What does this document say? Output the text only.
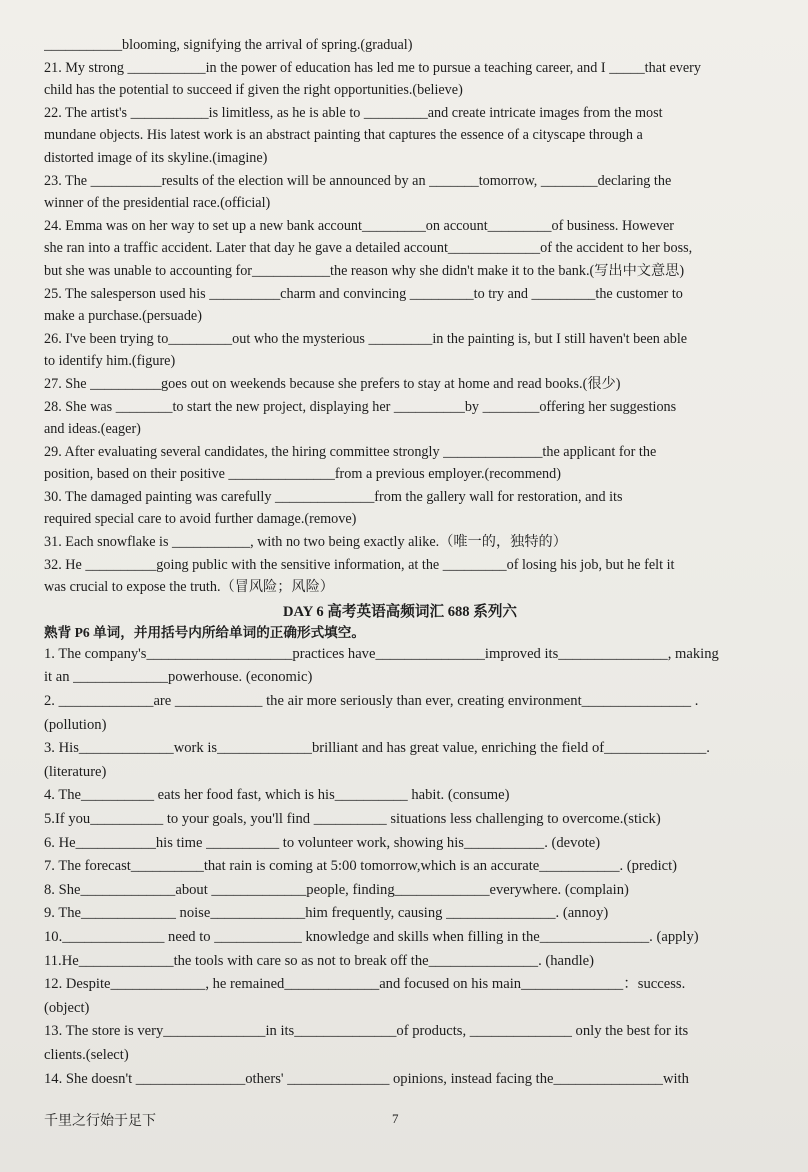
___________blooming, signifying the arrival of spring.(gradual)
21. My strong ___________in the power of education has led me to pursue a teaching career, and I _____that every
child has the potential to succeed if given the right opportunities.(believe)
22. The artist's ___________is limitless, as he is able to _________and create intricate images from the most
mundane objects. His latest work is an abstract painting that captures the essence of a cityscape through a
distorted image of its skyline.(imagine)
23. The __________results of the election will be announced by an _______tomorrow, ________declaring the
winner of the presidential race.(official)
24. Emma was on her way to set up a new bank account_________on account_________of business. However
she ran into a traffic accident. Later that day he gave a detailed account_____________of the accident to her boss,
but she was unable to accounting for___________the reason why she didn't make it to the bank.(写出中文意思)
25. The salesperson used his __________charm and convincing _________to try and _________the customer to
make a purchase.(persuade)
26. I've been trying to_________out who the mysterious _________in the painting is, but I still haven't been able
to identify him.(figure)
27. She __________goes out on weekends because she prefers to stay at home and read books.(很少)
28. She was ________to start the new project, displaying her __________by ________offering her suggestions
and ideas.(eager)
29. After evaluating several candidates, the hiring committee strongly ______________the applicant for the
position, based on their positive _______________from a previous employer.(recommend)
30. The damaged painting was carefully ______________from the gallery wall for restoration, and its
required special care to avoid further damage.(remove)
31. Each snowflake is ___________, with no two being exactly alike.（唯一的，独特的）
32. He __________going public with the sensitive information, at the _________of losing his job, but he felt it
was crucial to expose the truth.（冒风险；风险）
DAY 6 高考英语高频词汇 688 系列六
熟背 P6 单词，并用括号内所给单词的正确形式填空。
1. The company's____________________practices have_______________improved its_______________, making
it an _____________powerhouse. (economic)
2. _____________are ____________ the air more seriously than ever, creating environment_______________ .
(pollution)
3. His_____________work is_____________brilliant and has great value, enriching the field of______________.
(literature)
4. The__________ eats her food fast, which is his__________ habit. (consume)
5.If you__________ to your goals, you'll find __________ situations less challenging to overcome.(stick)
6. He___________his time __________ to volunteer work, showing his___________. (devote)
7. The forecast__________that rain is coming at 5:00 tomorrow,which is an accurate___________. (predict)
8. She_____________about _____________people, finding_____________everywhere. (complain)
9. The_____________ noise_____________him frequently, causing _______________. (annoy)
10.______________ need to ____________ knowledge and skills when filling in the_______________. (apply)
11.He_____________the tools with care so as not to break off the_______________. (handle)
12. Despite_____________, he remained_____________and focused on his main______________：success.
(object)
13. The store is very______________in its______________of products, ______________ only the best for its
clients.(select)
14. She doesn't _______________others' ______________ opinions, instead facing the_______________with
千里之行始于足下	7
